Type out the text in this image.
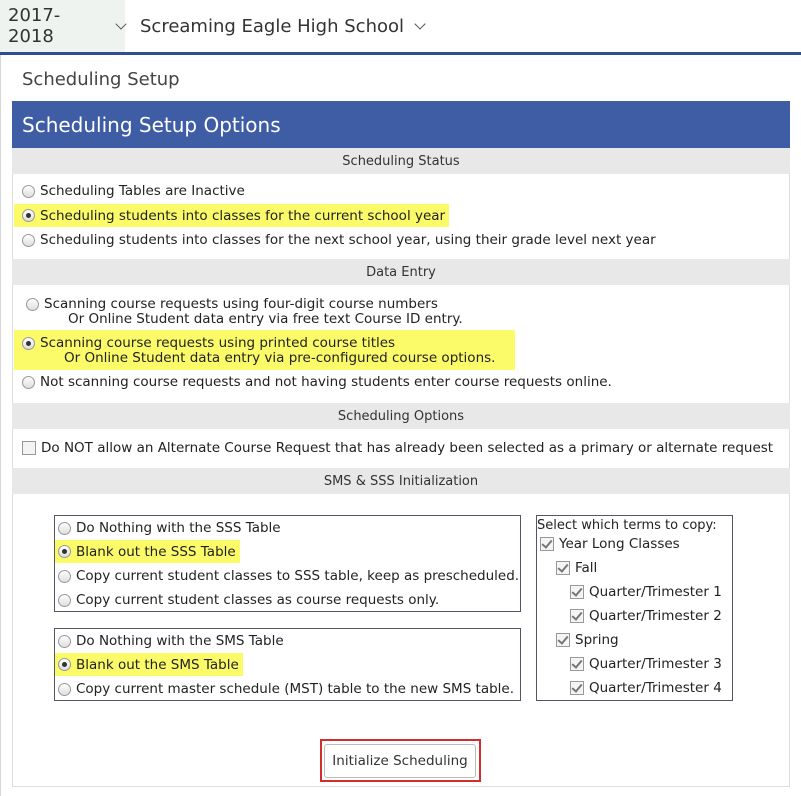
2017-2018	Screaming Eagle High School
Scheduling Setup
Scheduling Setup Options
Scheduling Status
Scheduling Tables are Inactive
Scheduling students into classes for the current school year
Scheduling students into classes for the next school year, using their grade level next year
Data Entry
Scanning course requests using four-digit course numbers
Or Online Student data entry via free text Course ID entry.
Scanning course requests using printed course titles
Or Online Student data entry via pre-configured course options.
Not scanning course requests and not having students enter course requests online.
Scheduling Options
Do NOT allow an Alternate Course Request that has already been selected as a primary or alternate request
SMS & SSS Initialization
Do Nothing with the SSS Table
Blank out the SSS Table
Copy current student classes to SSS table, keep as prescheduled.
Copy current student classes as course requests only.
Do Nothing with the SMS Table
Blank out the SMS Table
Copy current master schedule (MST) table to the new SMS table.
Select which terms to copy:
Year Long Classes
Fall
Quarter/Trimester 1
Quarter/Trimester 2
Spring
Quarter/Trimester 3
Quarter/Trimester 4
Initialize Scheduling
